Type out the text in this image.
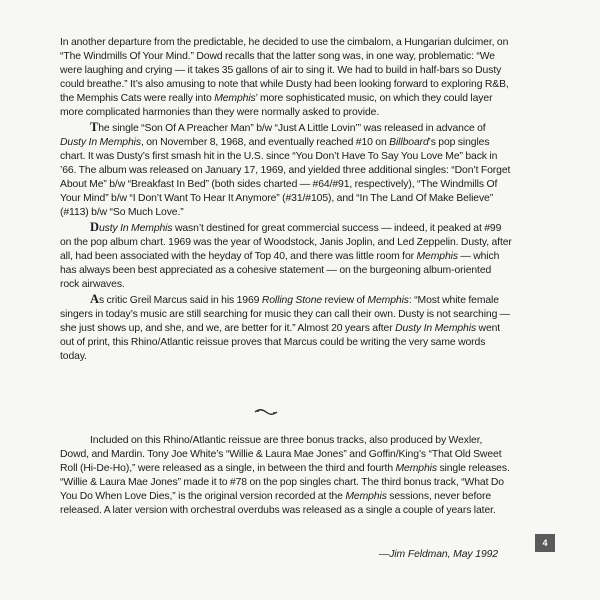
In another departure from the predictable, he decided to use the cimbalom, a Hungarian dulcimer, on “The Windmills Of Your Mind.” Dowd recalls that the latter song was, in one way, problematic: “We were laughing and crying — it takes 35 gallons of air to sing it. We had to build in half-bars so Dusty could breathe.” It’s also amusing to note that while Dusty had been looking forward to exploring R&B, the Memphis Cats were really into Memphis’ more sophisticated music, on which they could layer more complicated harmonies than they were normally asked to provide.

The single “Son Of A Preacher Man” b/w “Just A Little Lovin’” was released in advance of Dusty In Memphis, on November 8, 1968, and eventually reached #10 on Billboard’s pop singles chart. It was Dusty’s first smash hit in the U.S. since “You Don’t Have To Say You Love Me” back in ’66. The album was released on January 17, 1969, and yielded three additional singles: “Don’t Forget About Me” b/w “Breakfast In Bed” (both sides charted — #64/#91, respectively), “The Windmills Of Your Mind” b/w “I Don’t Want To Hear It Anymore” (#31/#105), and “In The Land Of Make Believe” (#113) b/w “So Much Love.”

Dusty In Memphis wasn’t destined for great commercial success — indeed, it peaked at #99 on the pop album chart. 1969 was the year of Woodstock, Janis Joplin, and Led Zeppelin. Dusty, after all, had been associated with the heyday of Top 40, and there was little room for Memphis — which has always been best appreciated as a cohesive statement — on the burgeoning album-oriented rock airwaves.

As critic Greil Marcus said in his 1969 Rolling Stone review of Memphis: “Most white female singers in today’s music are still searching for music they can call their own. Dusty is not searching — she just shows up, and she, and we, are better for it.” Almost 20 years after Dusty In Memphis went out of print, this Rhino/Atlantic reissue proves that Marcus could be writing the very same words today.

Included on this Rhino/Atlantic reissue are three bonus tracks, also produced by Wexler, Dowd, and Mardin. Tony Joe White’s “Willie & Laura Mae Jones” and Goffin/King’s “That Old Sweet Roll (Hi-De-Ho),” were released as a single, in between the third and fourth Memphis single releases. “Willie & Laura Mae Jones” made it to #78 on the pop singles chart. The third bonus track, “What Do You Do When Love Dies,” is the original version recorded at the Memphis sessions, never before released. A later version with orchestral overdubs was released as a single a couple of years later.

—Jim Feldman, May 1992
4
